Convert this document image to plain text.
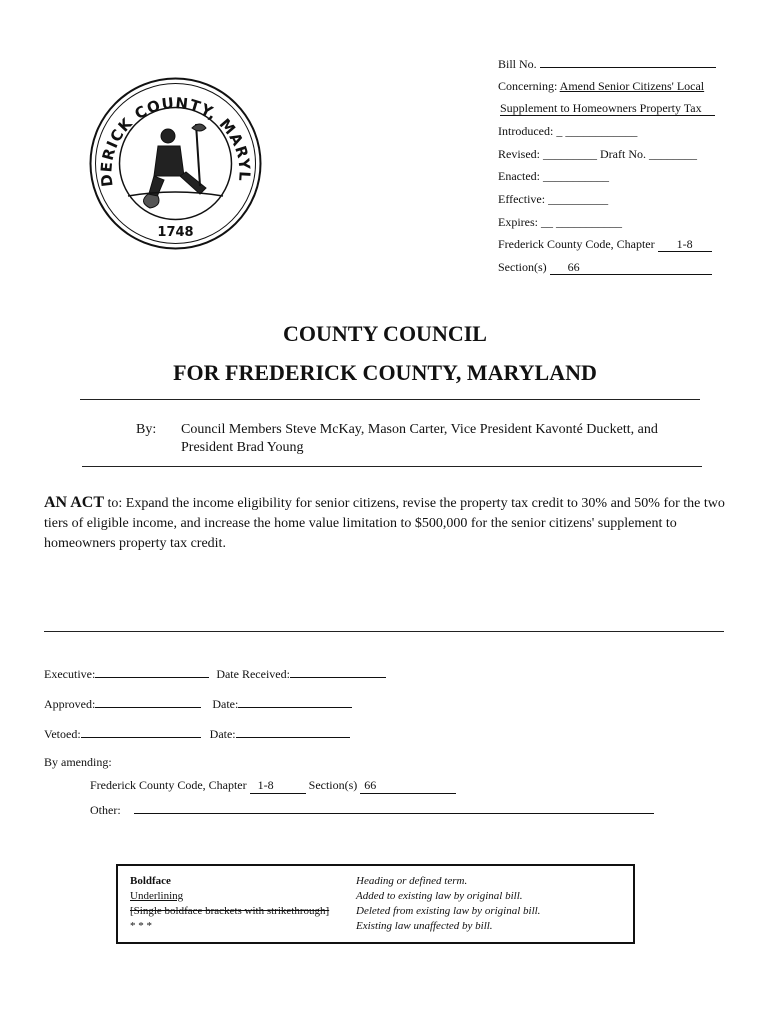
DERICK COUNTY, MARYL
1748
Bill No.
Concerning: Amend Senior Citizens' Local
Supplement to Homeowners Property Tax
Introduced: _ ____________
Revised: _________ Draft No. ________
Enacted: ___________
Effective: __________
Expires: __ ___________
Frederick County Code, Chapter 1-8
Section(s) 66
COUNTY COUNCIL
FOR FREDERICK COUNTY, MARYLAND
By: Council Members Steve McKay, Mason Carter, Vice President Kavonté Duckett, and
President Brad Young
AN ACT to: Expand the income eligibility for senior citizens, revise the property tax credit to 30% and 50% for the two tiers of eligible income, and increase the home value limitation to $500,000 for the senior citizens' supplement to homeowners property tax credit.
Executive:	Date Received:
Approved:	Date:
Vetoed:	Date:
By amending:
Frederick County Code, Chapter 1-8	Section(s) 66
Other:
Boldface	Heading or defined term.
Underlining	Added to existing law by original bill.
[Single boldface brackets with strikethrough] Deleted from existing law by original bill.
* * *	Existing law unaffected by bill.
